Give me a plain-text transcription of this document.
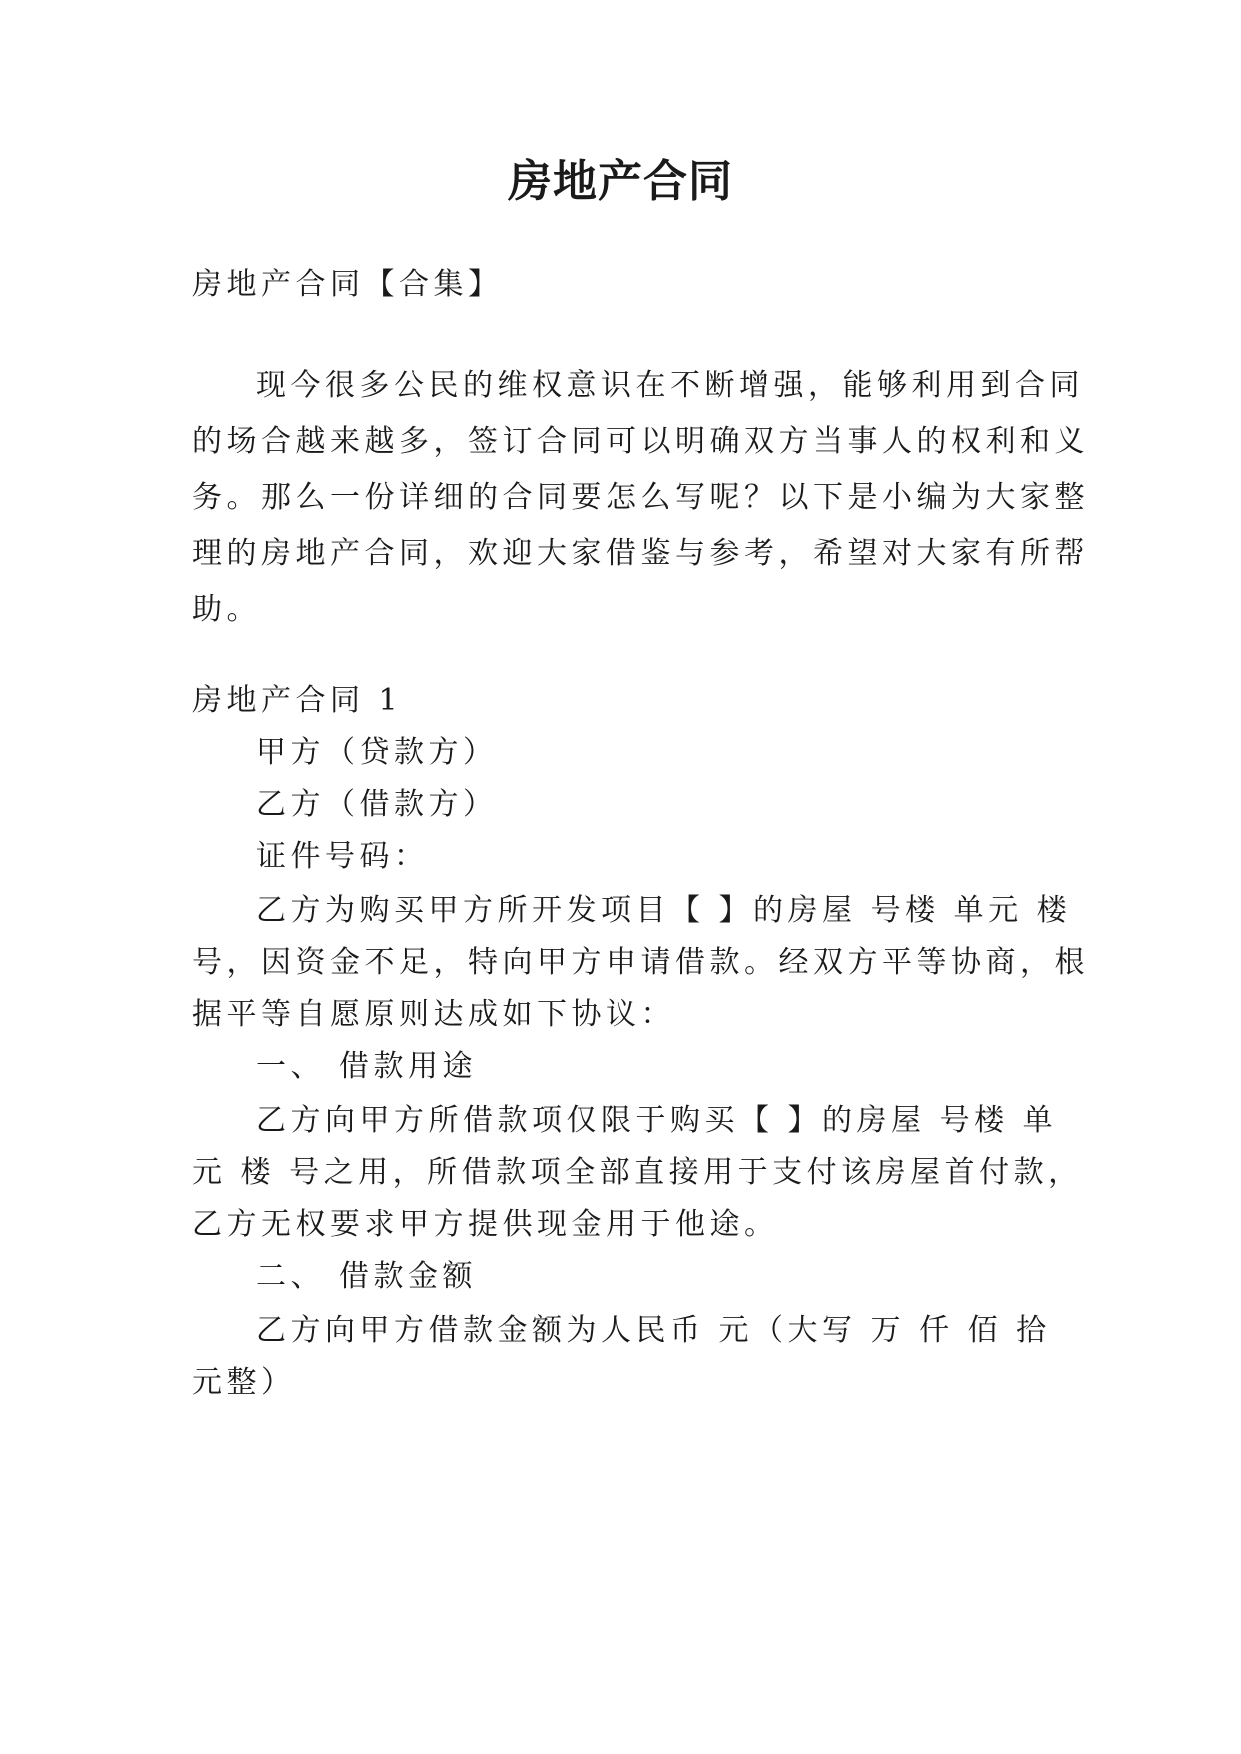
房地产合同
房地产合同【合集】
现今很多公民的维权意识在不断增强，能够利用到合同
的场合越来越多，签订合同可以明确双方当事人的权利和义
务。那么一份详细的合同要怎么写呢？以下是小编为大家整
理的房地产合同，欢迎大家借鉴与参考，希望对大家有所帮
助。
房地产合同 1
甲方（贷款方）
乙方（借款方）
证件号码：
乙方为购买甲方所开发项目【 】的房屋 号楼 单元 楼
号，因资金不足，特向甲方申请借款。经双方平等协商，根
据平等自愿原则达成如下协议：
一、 借款用途
乙方向甲方所借款项仅限于购买【 】的房屋 号楼 单
元 楼 号之用，所借款项全部直接用于支付该房屋首付款，
乙方无权要求甲方提供现金用于他途。
二、 借款金额
乙方向甲方借款金额为人民币 元（大写 万 仟 佰 拾
元整）
